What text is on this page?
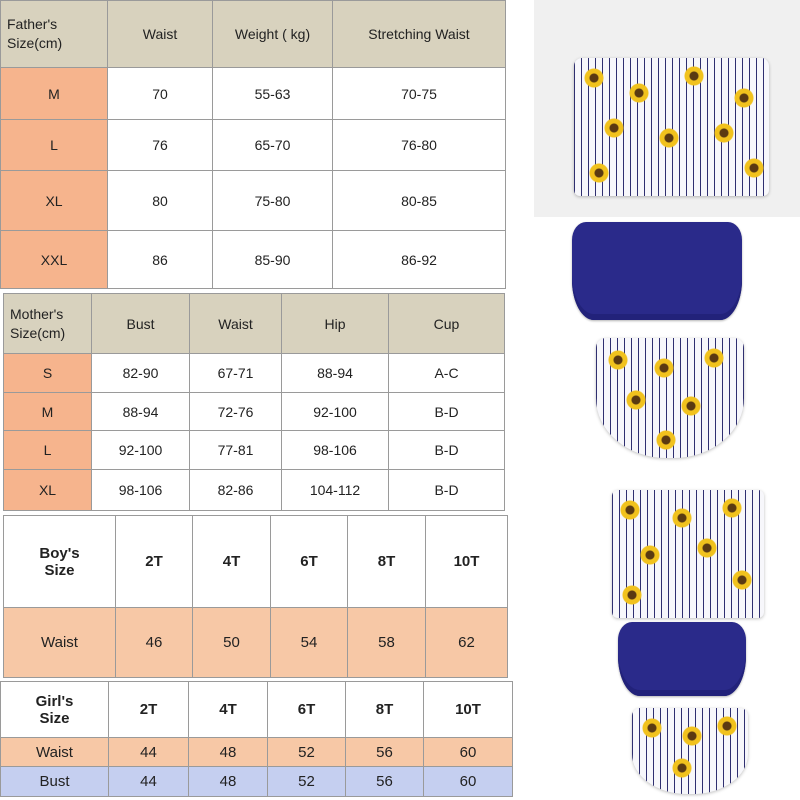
Father's
Size(cm)	Waist	Weight ( kg)	Stretching Waist
M	70	55-63	70-75
L	76	65-70	76-80
XL	80	75-80	80-85
XXL	86	85-90	86-92
Mother's
Size(cm)	Bust	Waist	Hip	Cup
S	82-90	67-71	88-94	A-C
M	88-94	72-76	92-100	B-D
L	92-100	77-81	98-106	B-D
XL	98-106	82-86	104-112	B-D
Boy's
Size	2T	4T	6T	8T	10T
Waist	46	50	54	58	62
Girl's
Size	2T	4T	6T	8T	10T
Waist	44	48	52	56	60
Bust	44	48	52	56	60
